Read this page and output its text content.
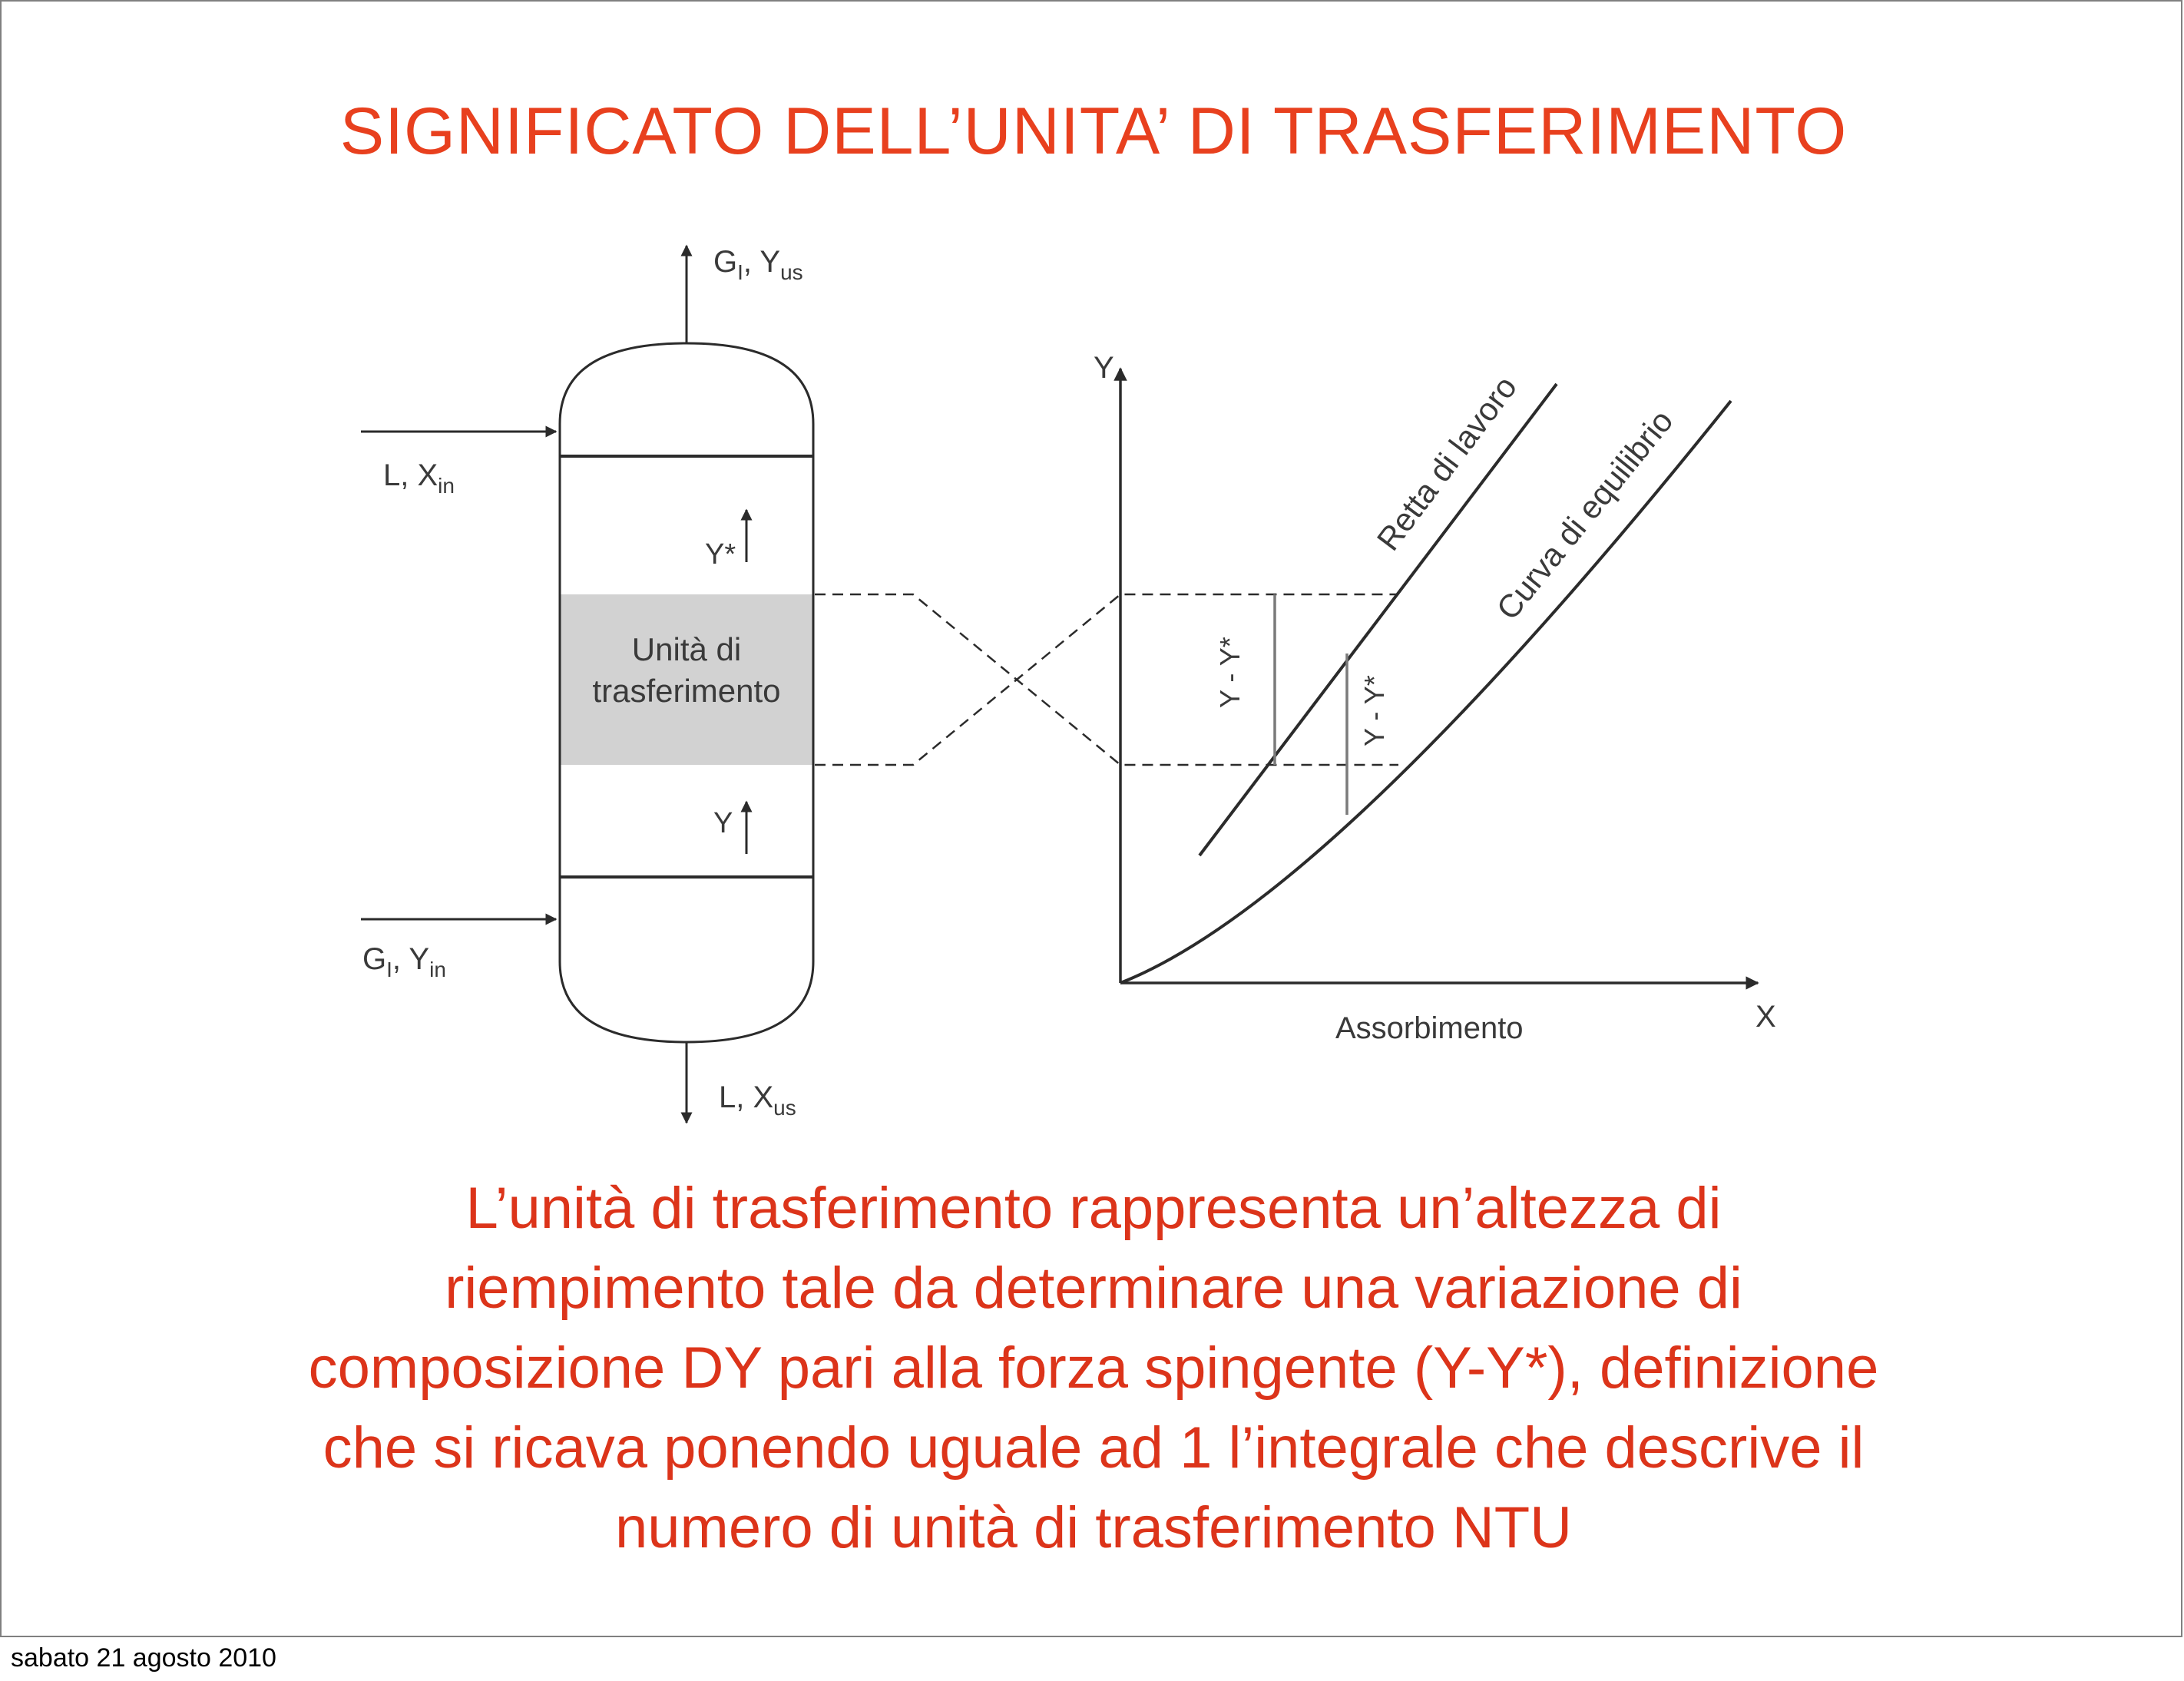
SIGNIFICATO DELL’UNITA’ DI TRASFERIMENTO
$G_I$, $Y_{us}$
L, $X_{in}$
$G_I$, $Y_{in}$
L, $X_{us}$
Y*
Y
Unità di
trasferimento
Y
X
Assorbimento
Retta di lavoro
Curva di equilibrio
Y - Y*
Y - Y*
L’unità di trasferimento rappresenta un’altezza di
riempimento tale da determinare una variazione di
composizione DY pari alla forza spingente (Y-Y*), definizione
che si ricava ponendo uguale ad 1 l’integrale che descrive il
numero di unità di trasferimento NTU
sabato 21 agosto 2010
